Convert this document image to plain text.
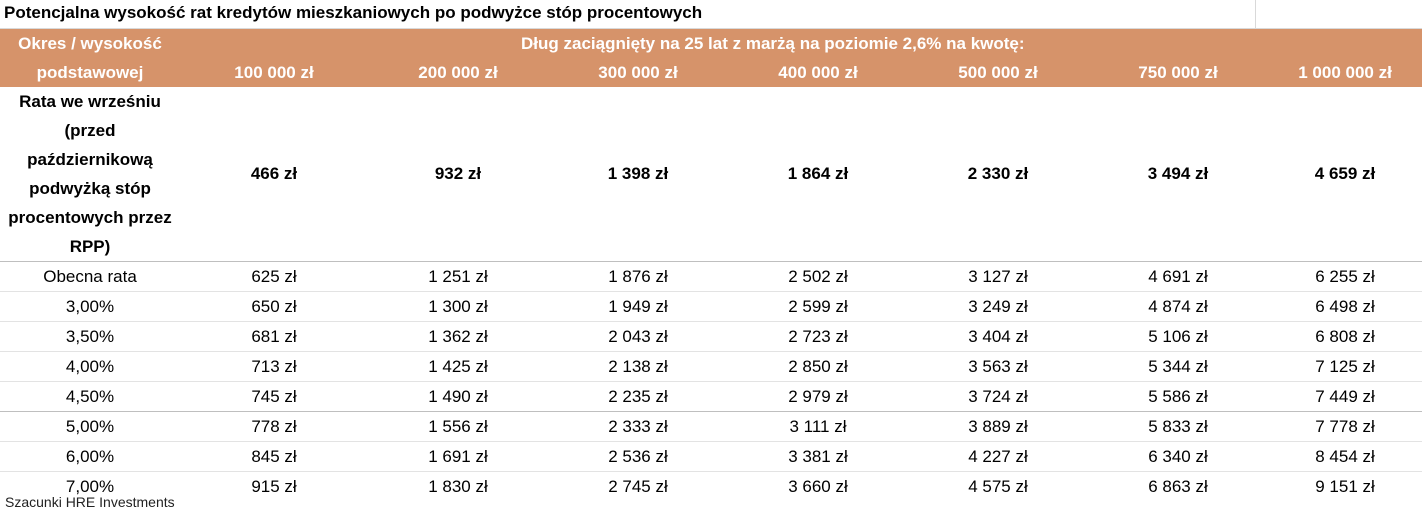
Potencjalna wysokość rat kredytów mieszkaniowych po podwyżce stóp procentowych
Okres / wysokość	Dług zaciągnięty na 25 lat z marżą na poziomie 2,6% na kwotę:						
podstawowej	100 000 zł	200 000 zł	300 000 zł	400 000 zł	500 000 zł	750 000 zł	1 000 000 zł
Rata we wrześniu (przed październikową podwyżką stóp procentowych przez RPP)	466 zł	932 zł	1 398 zł	1 864 zł	2 330 zł	3 494 zł	4 659 zł
Obecna rata	625 zł	1 251 zł	1 876 zł	2 502 zł	3 127 zł	4 691 zł	6 255 zł
3,00%	650 zł	1 300 zł	1 949 zł	2 599 zł	3 249 zł	4 874 zł	6 498 zł
3,50%	681 zł	1 362 zł	2 043 zł	2 723 zł	3 404 zł	5 106 zł	6 808 zł
4,00%	713 zł	1 425 zł	2 138 zł	2 850 zł	3 563 zł	5 344 zł	7 125 zł
4,50%	745 zł	1 490 zł	2 235 zł	2 979 zł	3 724 zł	5 586 zł	7 449 zł
5,00%	778 zł	1 556 zł	2 333 zł	3 111 zł	3 889 zł	5 833 zł	7 778 zł
6,00%	845 zł	1 691 zł	2 536 zł	3 381 zł	4 227 zł	6 340 zł	8 454 zł
7,00%	915 zł	1 830 zł	2 745 zł	3 660 zł	4 575 zł	6 863 zł	9 151 zł
Szacunki HRE Investments
